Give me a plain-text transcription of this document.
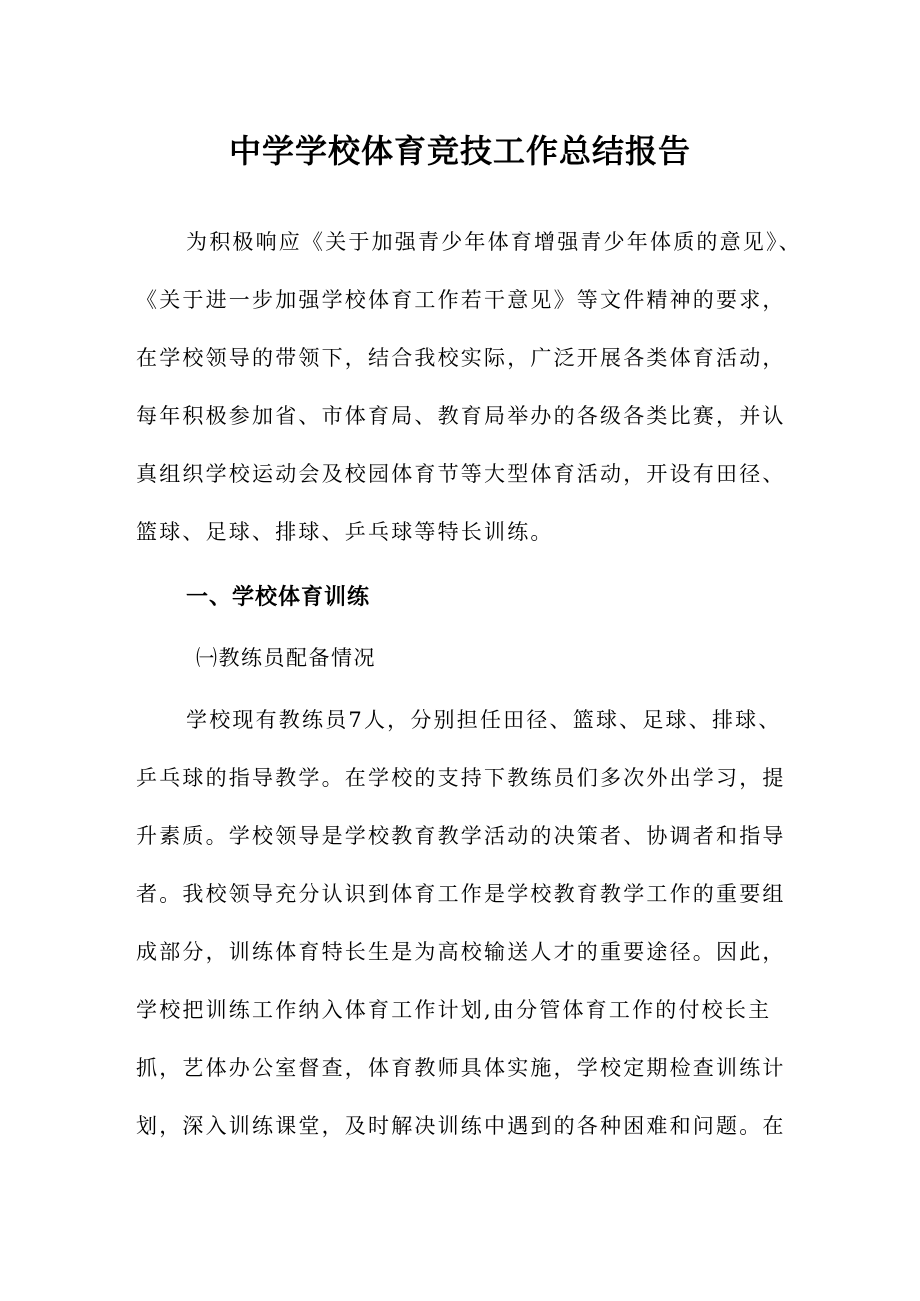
中学学校体育竞技工作总结报告
为积极响应《关于加强青少年体育增强青少年体质的意见》、
《关于进一步加强学校体育工作若干意见》等文件精神的要求，
在学校领导的带领下，结合我校实际，广泛开展各类体育活动，
每年积极参加省、市体育局、教育局举办的各级各类比赛，并认
真组织学校运动会及校园体育节等大型体育活动，开设有田径、
篮球、足球、排球、乒乓球等特长训练。
一、学校体育训练
㈠教练员配备情况
学校现有教练员7人，分别担任田径、篮球、足球、排球、
乒乓球的指导教学。在学校的支持下教练员们多次外出学习，提
升素质。学校领导是学校教育教学活动的决策者、协调者和指导
者。我校领导充分认识到体育工作是学校教育教学工作的重要组
成部分，训练体育特长生是为高校输送人才的重要途径。因此，
学校把训练工作纳入体育工作计划,由分管体育工作的付校长主
抓，艺体办公室督查，体育教师具体实施，学校定期检查训练计
划，深入训练课堂，及时解决训练中遇到的各种困难和问题。在
